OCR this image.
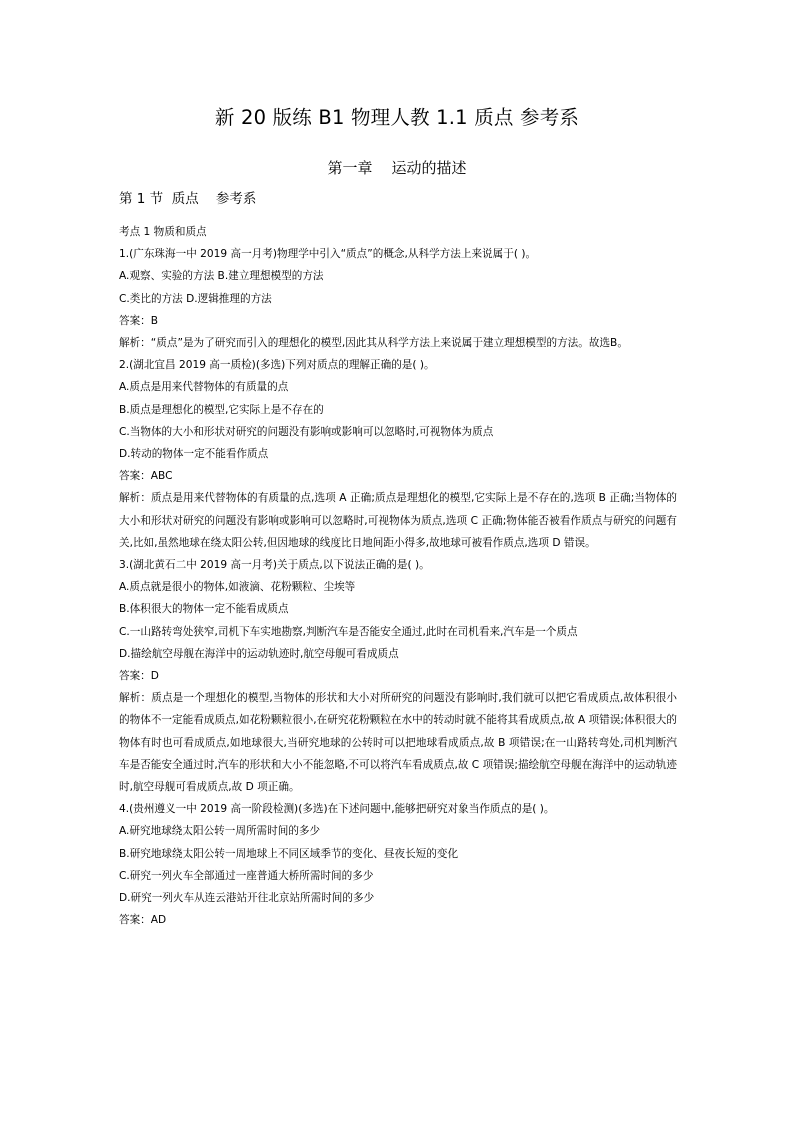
新 20 版练 B1 物理人教 1.1 质点 参考系
第一章    运动的描述
第 1 节  质点    参考系

考点 1 物质和质点

1.(广东珠海一中 2019 高一月考)物理学中引入“质点”的概念,从科学方法上来说属于( )。

A.观察、实验的方法 B.建立理想模型的方法

C.类比的方法 D.逻辑推理的方法

答案：B

解析：“质点”是为了研究而引入的理想化的模型,因此其从科学方法上来说属于建立理想模型的方法。故选B。

2.(湖北宜昌 2019 高一质检)(多选)下列对质点的理解正确的是( )。

A.质点是用来代替物体的有质量的点

B.质点是理想化的模型,它实际上是不存在的

C.当物体的大小和形状对研究的问题没有影响或影响可以忽略时,可视物体为质点

D.转动的物体一定不能看作质点

答案：ABC

解析：质点是用来代替物体的有质量的点,选项 A 正确;质点是理想化的模型,它实际上是不存在的,选项 B 正确;当物体的大小和形状对研究的问题没有影响或影响可以忽略时,可视物体为质点,选项 C 正确;物体能否被看作质点与研究的问题有关,比如,虽然地球在绕太阳公转,但因地球的线度比日地间距小得多,故地球可被看作质点,选项 D 错误。

3.(湖北黄石二中 2019 高一月考)关于质点,以下说法正确的是( )。

A.质点就是很小的物体,如液滴、花粉颗粒、尘埃等

B.体积很大的物体一定不能看成质点

C.一山路转弯处狭窄,司机下车实地勘察,判断汽车是否能安全通过,此时在司机看来,汽车是一个质点

D.描绘航空母舰在海洋中的运动轨迹时,航空母舰可看成质点

答案：D

解析：质点是一个理想化的模型,当物体的形状和大小对所研究的问题没有影响时,我们就可以把它看成质点,故体积很小的物体不一定能看成质点,如花粉颗粒很小,在研究花粉颗粒在水中的转动时就不能将其看成质点,故 A 项错误;体积很大的物体有时也可看成质点,如地球很大,当研究地球的公转时可以把地球看成质点,故 B 项错误;在一山路转弯处,司机判断汽车是否能安全通过时,汽车的形状和大小不能忽略,不可以将汽车看成质点,故 C 项错误;描绘航空母舰在海洋中的运动轨迹时,航空母舰可看成质点,故 D 项正确。

4.(贵州遵义一中 2019 高一阶段检测)(多选)在下述问题中,能够把研究对象当作质点的是( )。

A.研究地球绕太阳公转一周所需时间的多少

B.研究地球绕太阳公转一周地球上不同区域季节的变化、昼夜长短的变化

C.研究一列火车全部通过一座普通大桥所需时间的多少

D.研究一列火车从连云港站开往北京站所需时间的多少

答案：AD
